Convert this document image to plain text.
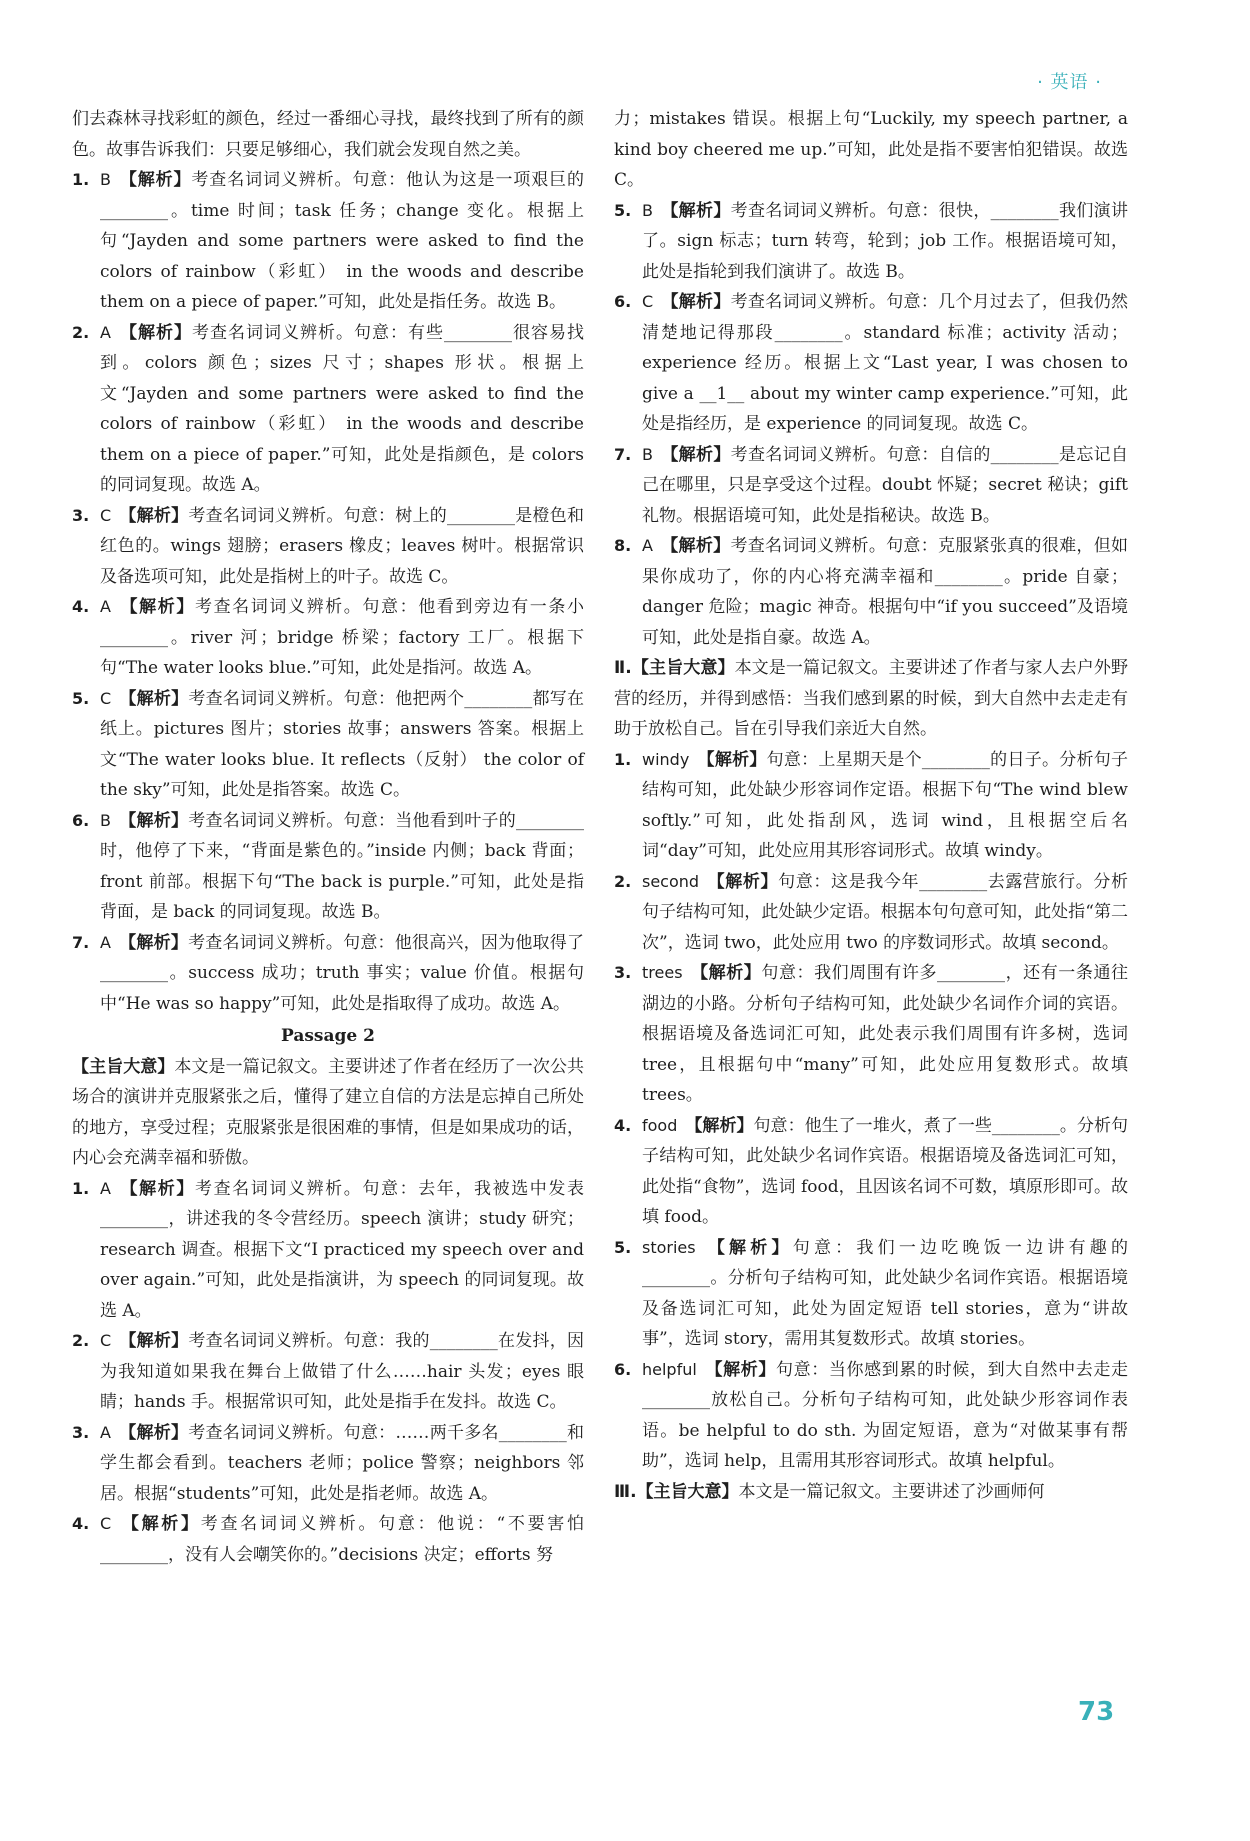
· 英语 ·

们去森林寻找彩虹的颜色，经过一番细心寻找，最终找到了所有的颜色。故事告诉我们：只要足够细心，我们就会发现自然之美。

1. B 【解析】考查名词词义辨析。句意：他认为这是一项艰巨的________。time 时间；task 任务；change 变化。根据上句“Jayden and some partners were asked to find the colors of rainbow（彩虹） in the woods and describe them on a piece of paper.”可知，此处是指任务。故选 B。

2. A 【解析】考查名词词义辨析。句意：有些________很容易找到。colors 颜色；sizes 尺寸；shapes 形状。根据上文“Jayden and some partners were asked to find the colors of rainbow（彩虹） in the woods and describe them on a piece of paper.”可知，此处是指颜色，是 colors 的同词复现。故选 A。

3. C 【解析】考查名词词义辨析。句意：树上的________是橙色和红色的。wings 翅膀；erasers 橡皮；leaves 树叶。根据常识及备选项可知，此处是指树上的叶子。故选 C。

4. A 【解析】考查名词词义辨析。句意：他看到旁边有一条小________。river 河；bridge 桥梁；factory 工厂。根据下句“The water looks blue.”可知，此处是指河。故选 A。

5. C 【解析】考查名词词义辨析。句意：他把两个________都写在纸上。pictures 图片；stories 故事；answers 答案。根据上文“The water looks blue. It reflects（反射） the color of the sky”可知，此处是指答案。故选 C。

6. B 【解析】考查名词词义辨析。句意：当他看到叶子的________时，他停了下来，“背面是紫色的。”inside 内侧；back 背面；front 前部。根据下句“The back is purple.”可知，此处是指背面，是 back 的同词复现。故选 B。

7. A 【解析】考查名词词义辨析。句意：他很高兴，因为他取得了________。success 成功；truth 事实；value 价值。根据句中“He was so happy”可知，此处是指取得了成功。故选 A。

Passage 2

【主旨大意】本文是一篇记叙文。主要讲述了作者在经历了一次公共场合的演讲并克服紧张之后，懂得了建立自信的方法是忘掉自己所处的地方，享受过程；克服紧张是很困难的事情，但是如果成功的话，内心会充满幸福和骄傲。

1. A 【解析】考查名词词义辨析。句意：去年，我被选中发表________，讲述我的冬令营经历。speech 演讲；study 研究；research 调查。根据下文“I practiced my speech over and over again.”可知，此处是指演讲，为 speech 的同词复现。故选 A。

2. C 【解析】考查名词词义辨析。句意：我的________在发抖，因为我知道如果我在舞台上做错了什么……hair 头发；eyes 眼睛；hands 手。根据常识可知，此处是指手在发抖。故选 C。

3. A 【解析】考查名词词义辨析。句意：……两千多名________和学生都会看到。teachers 老师；police 警察；neighbors 邻居。根据“students”可知，此处是指老师。故选 A。

4. C 【解析】考查名词词义辨析。句意：他说：“不要害怕________，没有人会嘲笑你的。”decisions 决定；efforts 努

力；mistakes 错误。根据上句“Luckily, my speech partner, a kind boy cheered me up.”可知，此处是指不要害怕犯错误。故选 C。

5. B 【解析】考查名词词义辨析。句意：很快，________我们演讲了。sign 标志；turn 转弯，轮到；job 工作。根据语境可知，此处是指轮到我们演讲了。故选 B。

6. C 【解析】考查名词词义辨析。句意：几个月过去了，但我仍然清楚地记得那段________。standard 标准；activity 活动；experience 经历。根据上文“Last year, I was chosen to give a __1__ about my winter camp experience.”可知，此处是指经历，是 experience 的同词复现。故选 C。

7. B 【解析】考查名词词义辨析。句意：自信的________是忘记自己在哪里，只是享受这个过程。doubt 怀疑；secret 秘诀；gift 礼物。根据语境可知，此处是指秘诀。故选 B。

8. A 【解析】考查名词词义辨析。句意：克服紧张真的很难，但如果你成功了，你的内心将充满幸福和________。pride 自豪；danger 危险；magic 神奇。根据句中“if you succeed”及语境可知，此处是指自豪。故选 A。

Ⅱ.【主旨大意】本文是一篇记叙文。主要讲述了作者与家人去户外野营的经历，并得到感悟：当我们感到累的时候，到大自然中去走走有助于放松自己。旨在引导我们亲近大自然。

1. windy 【解析】句意：上星期天是个________的日子。分析句子结构可知，此处缺少形容词作定语。根据下句“The wind blew softly.”可知，此处指刮风，选词 wind，且根据空后名词“day”可知，此处应用其形容词形式。故填 windy。

2. second 【解析】句意：这是我今年________去露营旅行。分析句子结构可知，此处缺少定语。根据本句句意可知，此处指“第二次”，选词 two，此处应用 two 的序数词形式。故填 second。

3. trees 【解析】句意：我们周围有许多________，还有一条通往湖边的小路。分析句子结构可知，此处缺少名词作介词的宾语。根据语境及备选词汇可知，此处表示我们周围有许多树，选词 tree，且根据句中“many”可知，此处应用复数形式。故填 trees。

4. food 【解析】句意：他生了一堆火，煮了一些________。分析句子结构可知，此处缺少名词作宾语。根据语境及备选词汇可知，此处指“食物”，选词 food，且因该名词不可数，填原形即可。故填 food。

5. stories 【解析】句意：我们一边吃晚饭一边讲有趣的________。分析句子结构可知，此处缺少名词作宾语。根据语境及备选词汇可知，此处为固定短语 tell stories，意为“讲故事”，选词 story，需用其复数形式。故填 stories。

6. helpful 【解析】句意：当你感到累的时候，到大自然中去走走________放松自己。分析句子结构可知，此处缺少形容词作表语。be helpful to do sth. 为固定短语，意为“对做某事有帮助”，选词 help，且需用其形容词形式。故填 helpful。

Ⅲ.【主旨大意】本文是一篇记叙文。主要讲述了沙画师何

73
